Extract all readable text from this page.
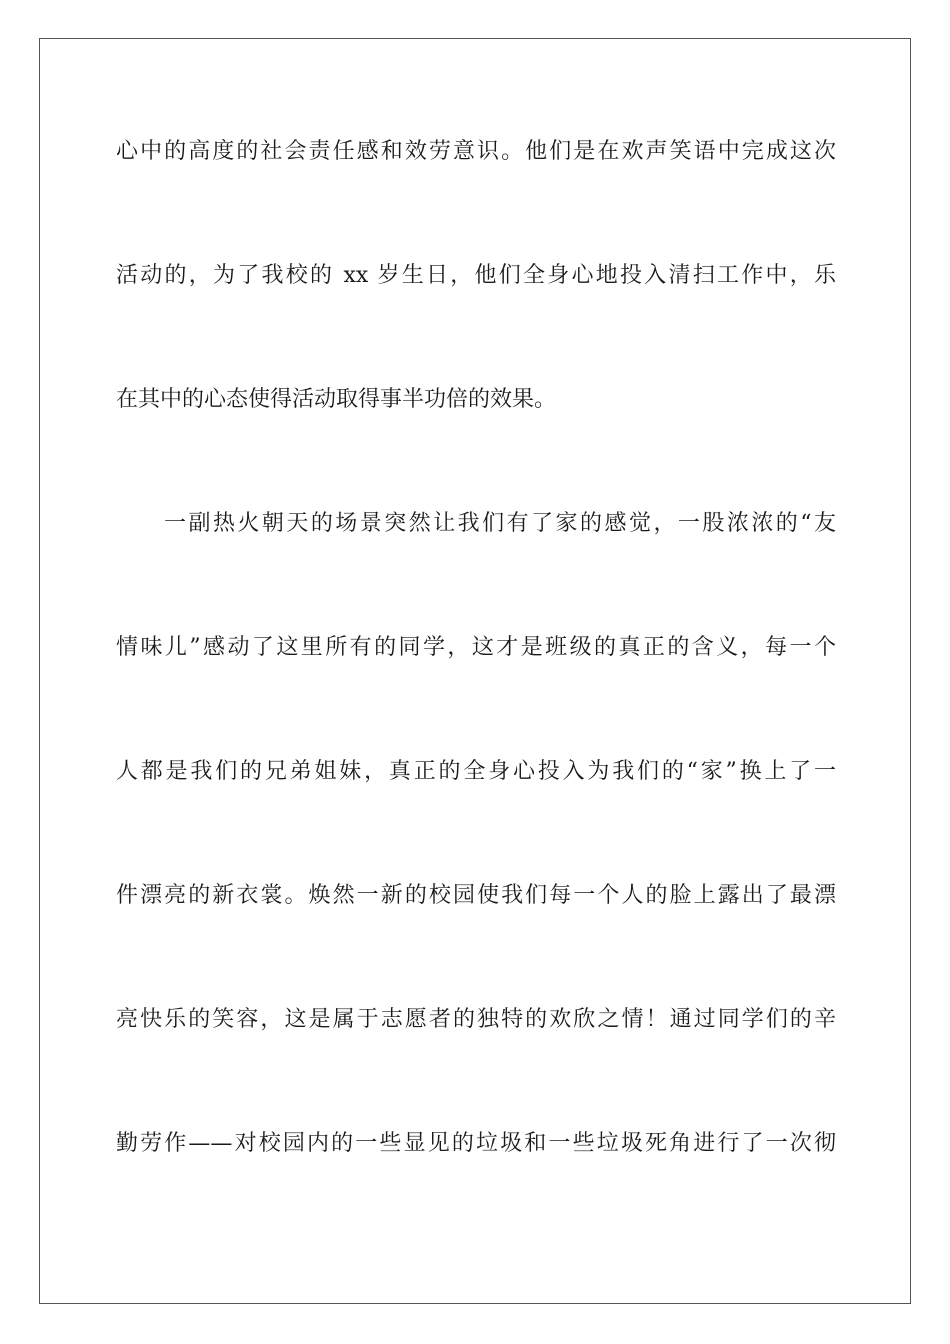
心中的高度的社会责任感和效劳意识。他们是在欢声笑语中完成这次
活动的，为了我校的 xx 岁生日，他们全身心地投入清扫工作中，乐
在其中的心态使得活动取得事半功倍的效果。
一副热火朝天的场景突然让我们有了家的感觉，一股浓浓的“友
情味儿”感动了这里所有的同学，这才是班级的真正的含义，每一个
人都是我们的兄弟姐妹，真正的全身心投入为我们的“家”换上了一
件漂亮的新衣裳。焕然一新的校园使我们每一个人的脸上露出了最漂
亮快乐的笑容，这是属于志愿者的独特的欢欣之情！通过同学们的辛
勤劳作——对校园内的一些显见的垃圾和一些垃圾死角进行了一次彻
